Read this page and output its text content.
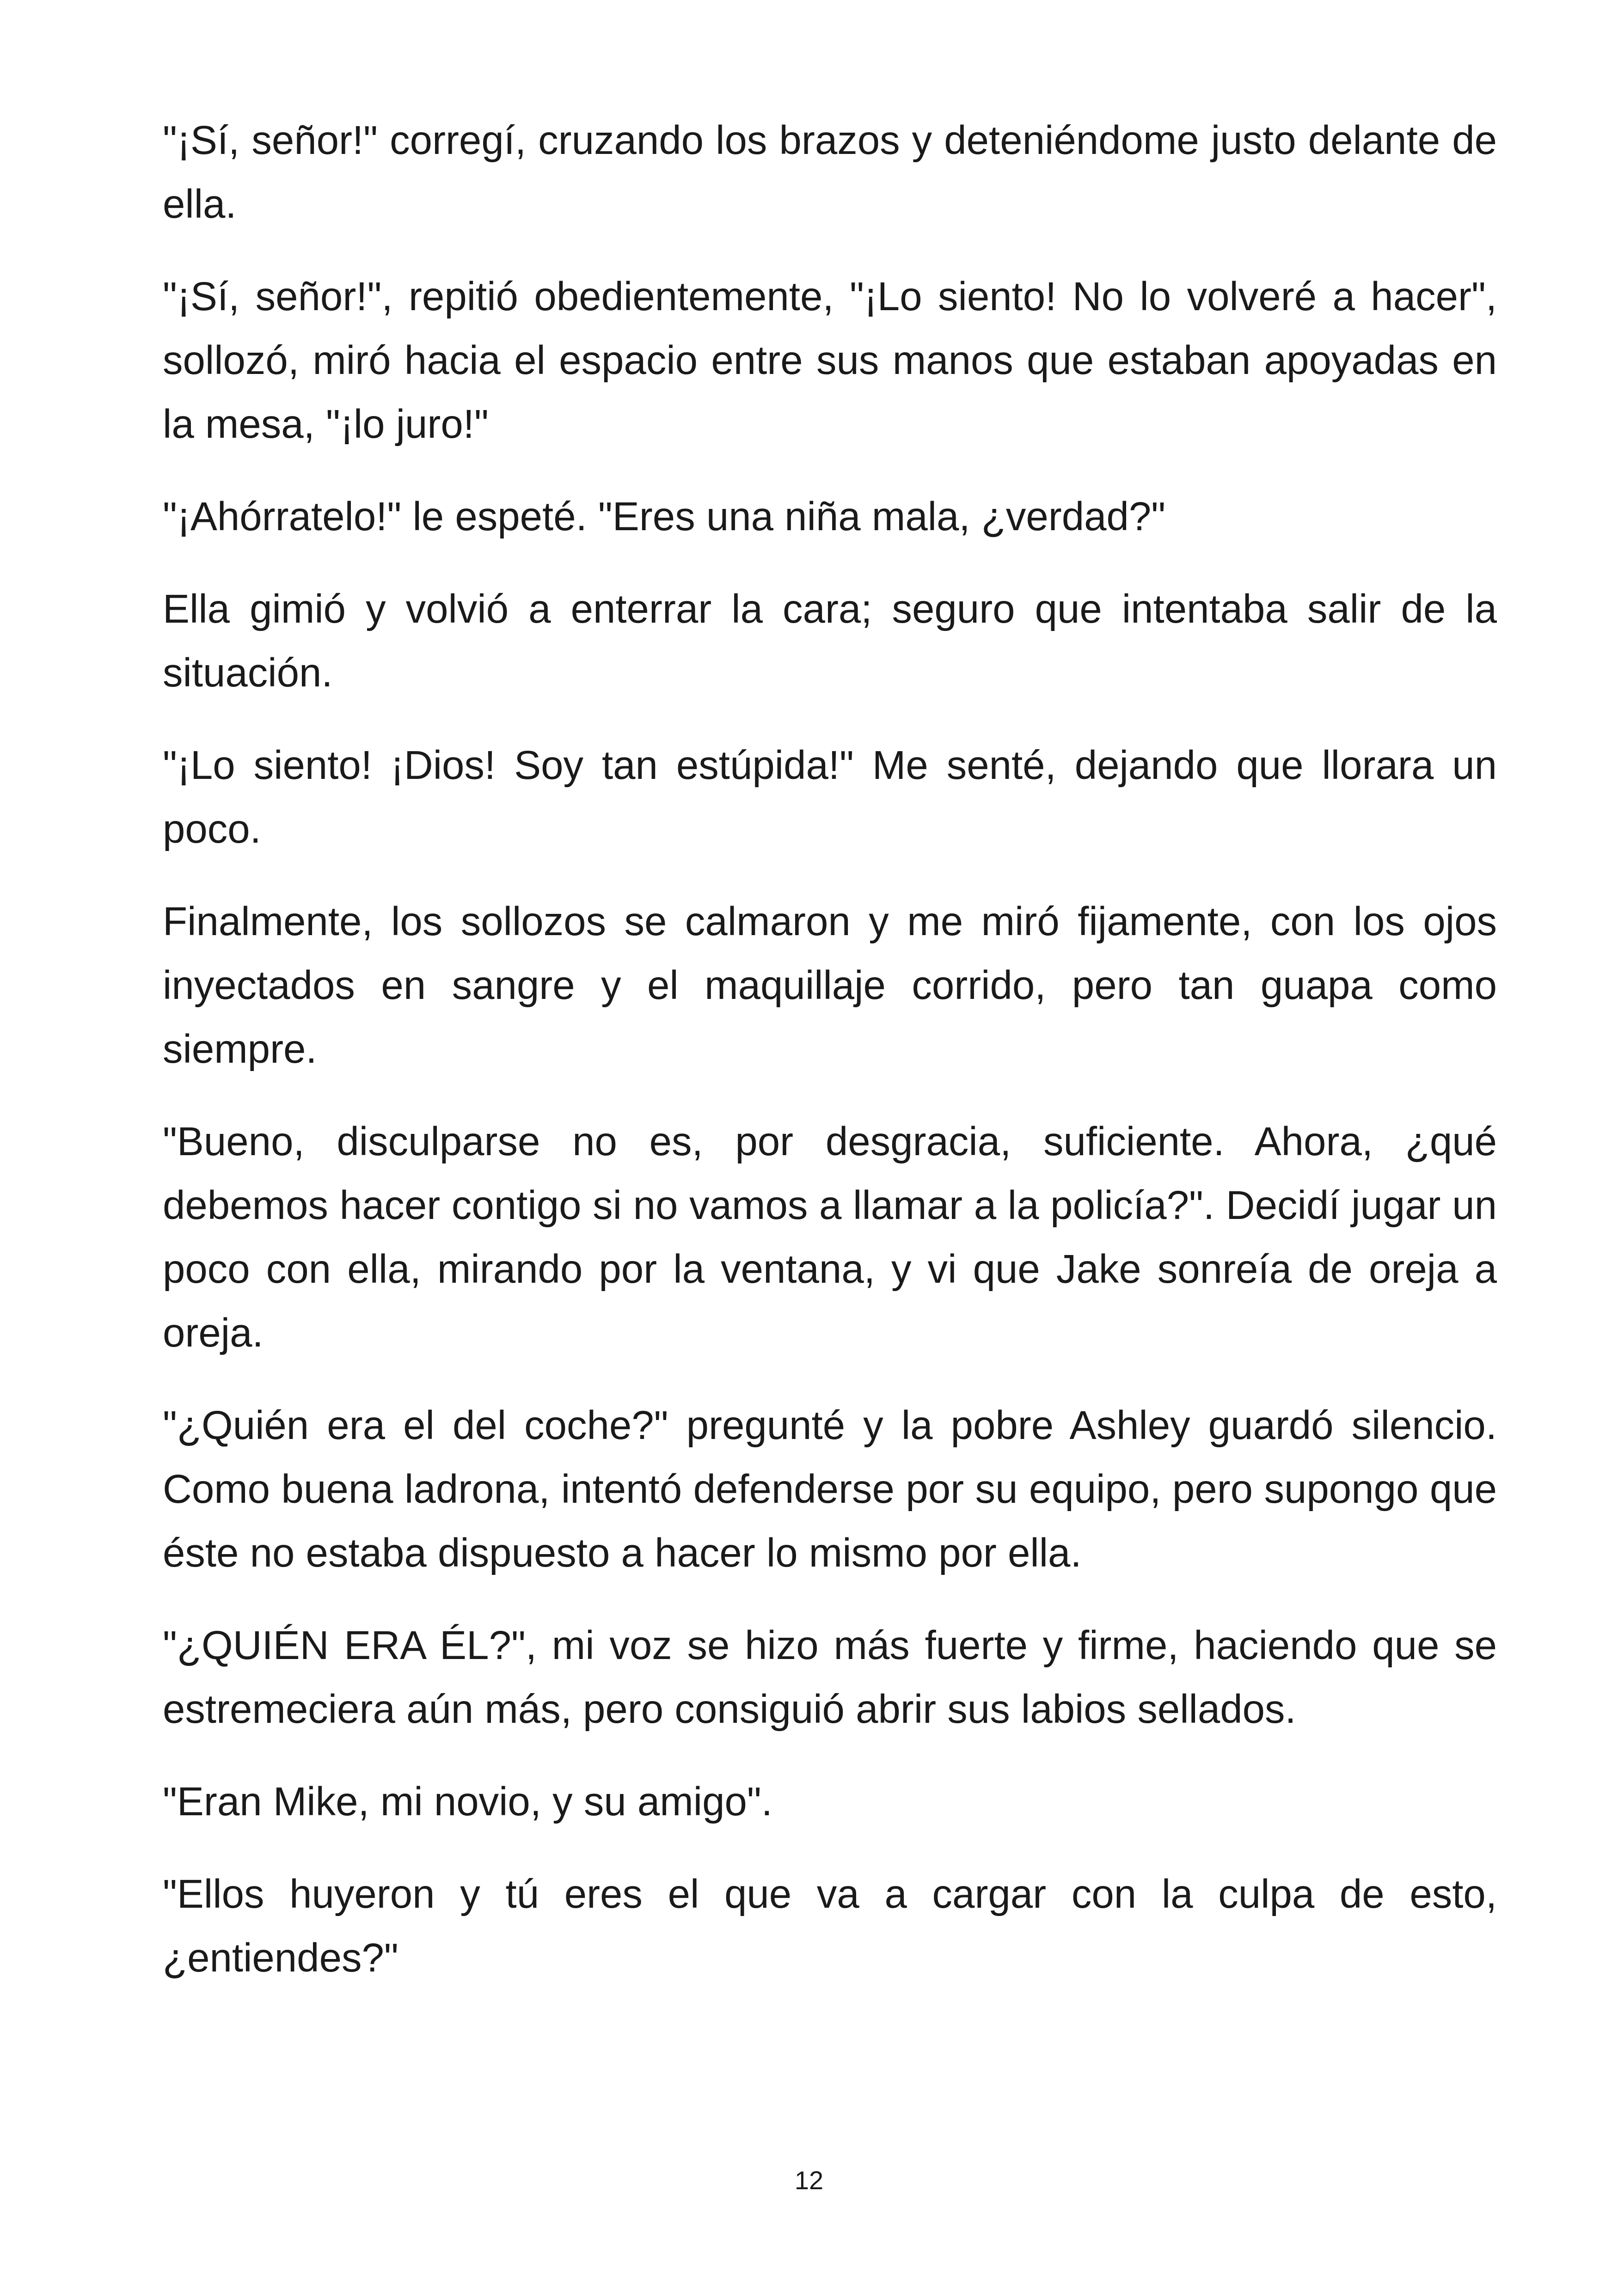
"¡Sí, señor!" corregí, cruzando los brazos y deteniéndome justo delante de ella.

"¡Sí, señor!", repitió obedientemente, "¡Lo siento! No lo volveré a hacer", sollozó, miró hacia el espacio entre sus manos que estaban apoyadas en la mesa, "¡lo juro!"

"¡Ahórratelo!" le espeté. "Eres una niña mala, ¿verdad?"

Ella gimió y volvió a enterrar la cara; seguro que intentaba salir de la situación.

"¡Lo siento! ¡Dios! Soy tan estúpida!" Me senté, dejando que llorara un poco.

Finalmente, los sollozos se calmaron y me miró fijamente, con los ojos inyectados en sangre y el maquillaje corrido, pero tan guapa como siempre.

"Bueno, disculparse no es, por desgracia, suficiente. Ahora, ¿qué debemos hacer contigo si no vamos a llamar a la policía?". Decidí jugar un poco con ella, mirando por la ventana, y vi que Jake sonreía de oreja a oreja.

"¿Quién era el del coche?" pregunté y la pobre Ashley guardó silencio. Como buena ladrona, intentó defenderse por su equipo, pero supongo que éste no estaba dispuesto a hacer lo mismo por ella.

"¿QUIÉN ERA ÉL?", mi voz se hizo más fuerte y firme, haciendo que se estremeciera aún más, pero consiguió abrir sus labios sellados.

"Eran Mike, mi novio, y su amigo".

"Ellos huyeron y tú eres el que va a cargar con la culpa de esto, ¿entiendes?"

12
